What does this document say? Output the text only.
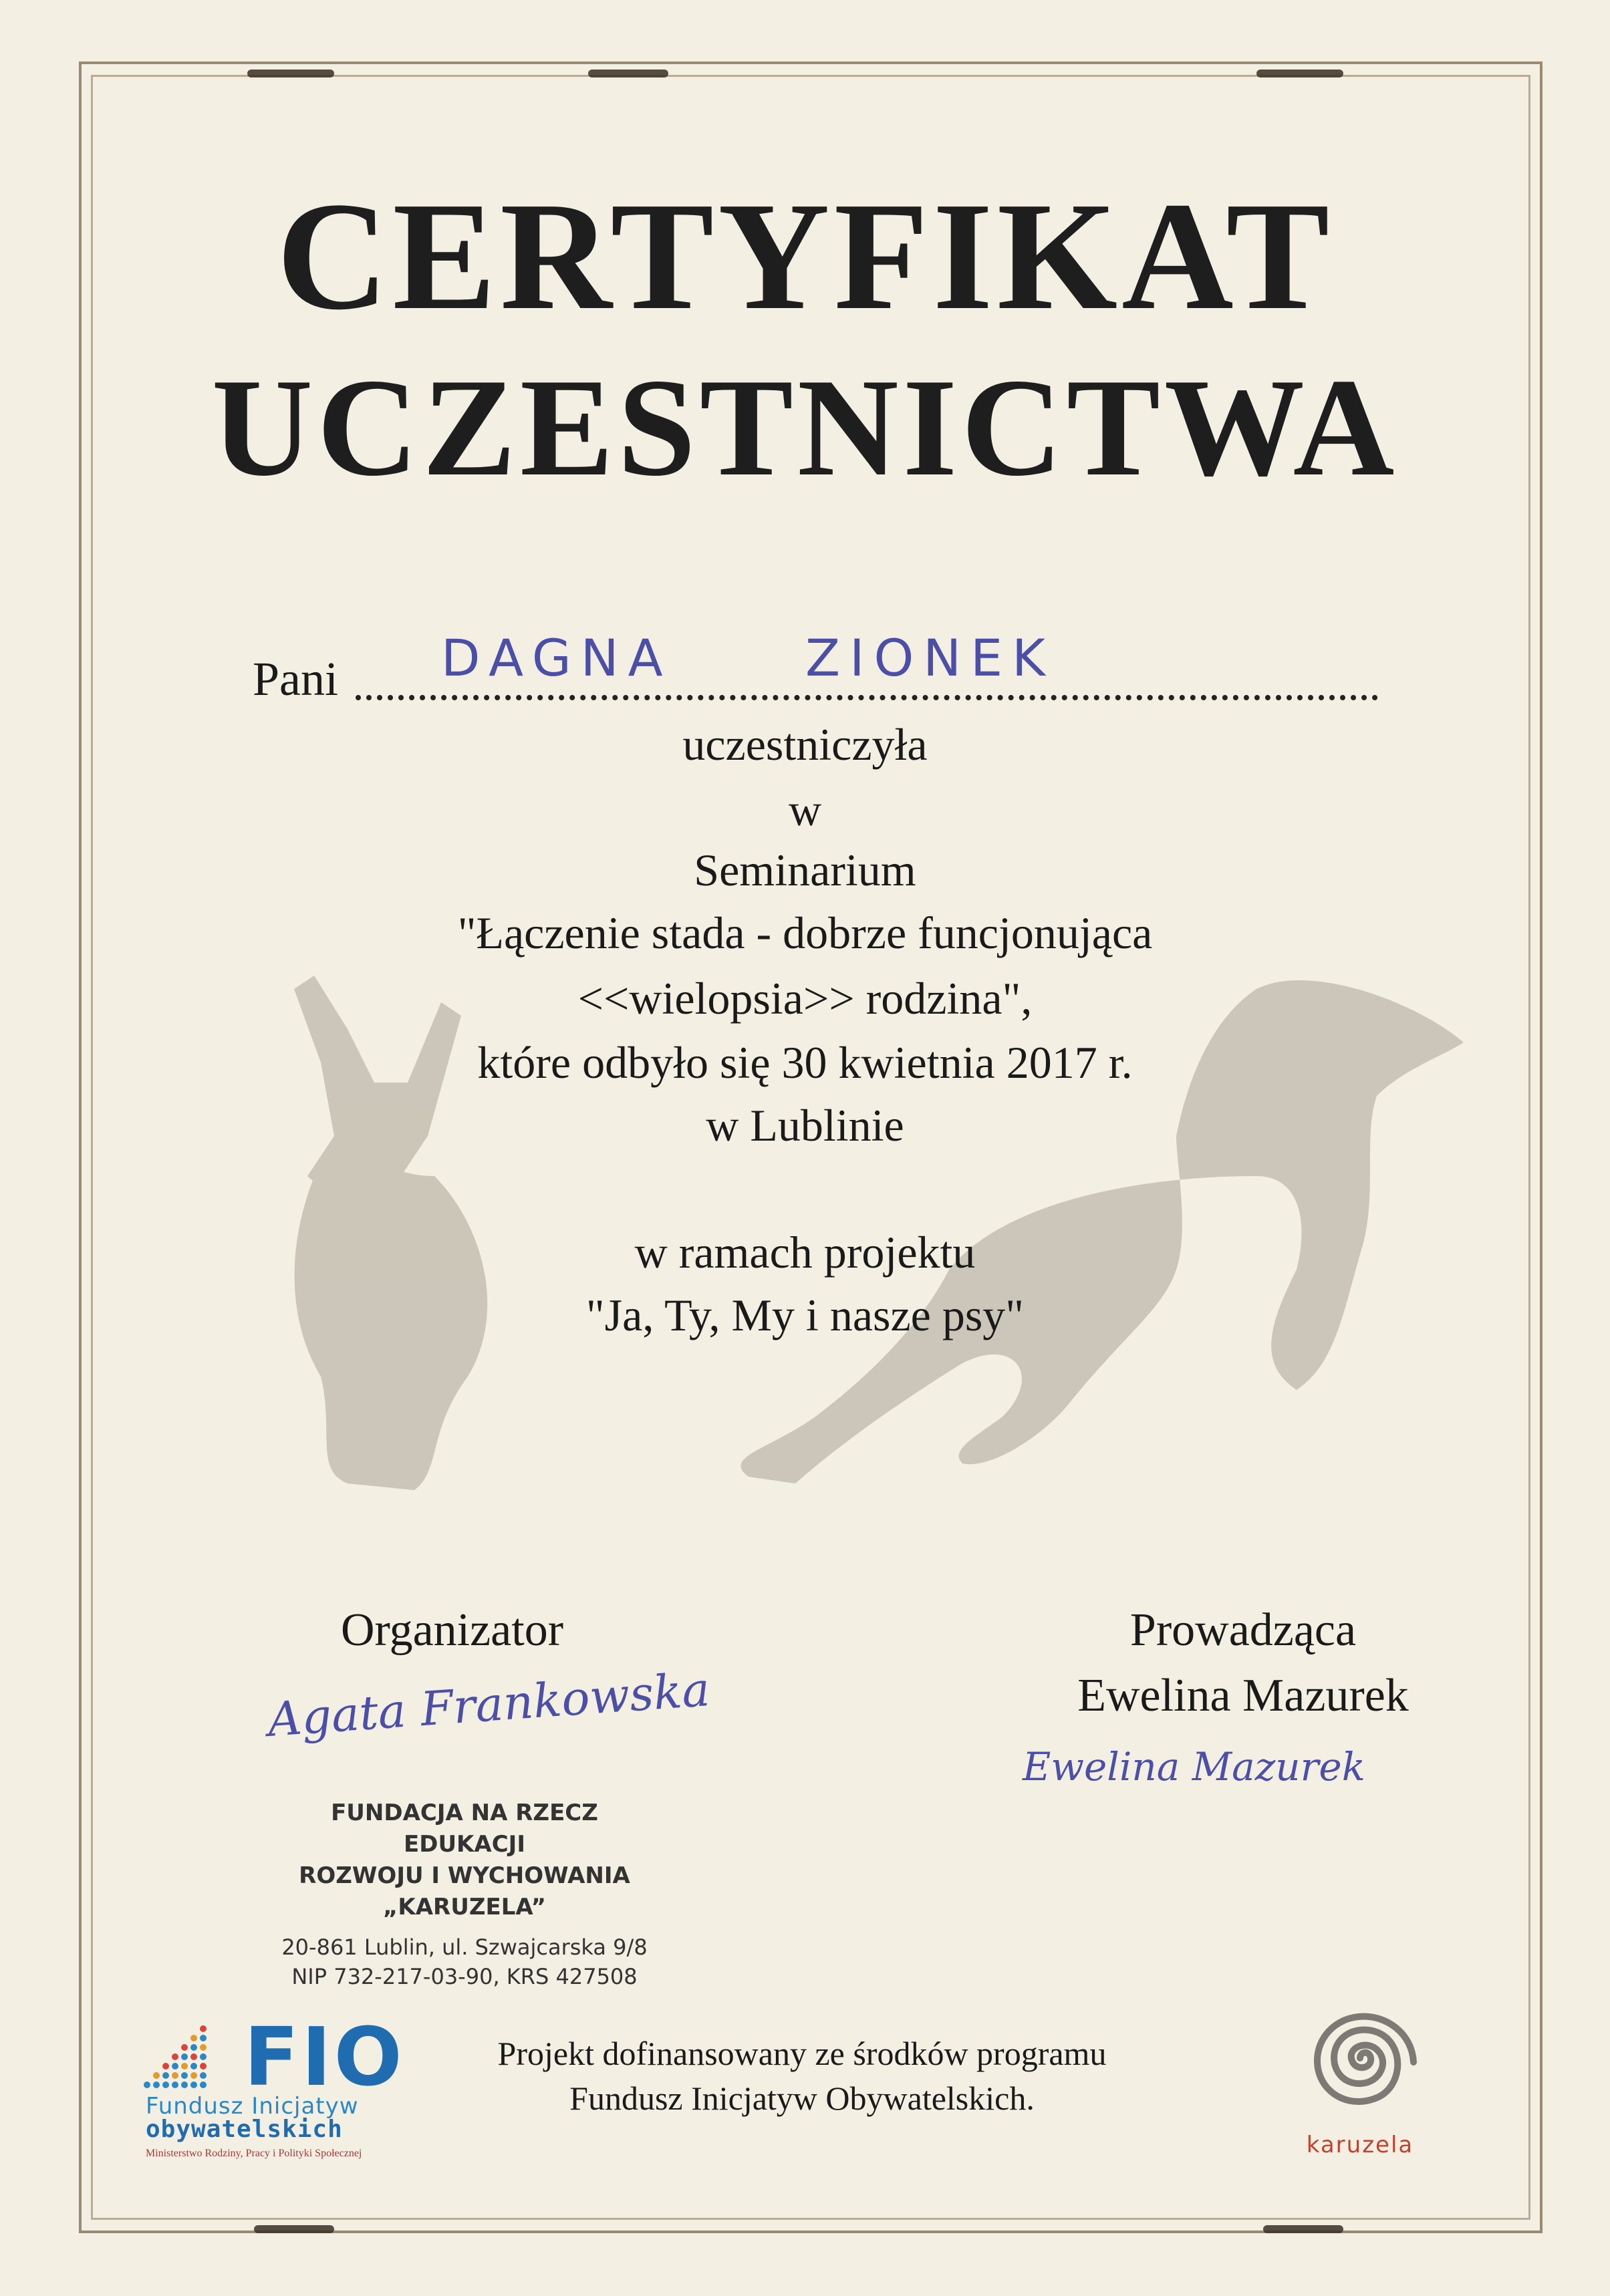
CERTYFIKAT
UCZESTNICTWA
Pani DAGNA	ZIONEK
uczestniczyła
w
Seminarium
"Łączenie stada - dobrze funcjonująca
<<wielopsia>> rodzina",
które odbyło się 30 kwietnia 2017 r.
w Lublinie
w ramach projektu
"Ja, Ty, My i nasze psy"
Organizator
Agata Frankowska
Prowadząca
Ewelina Mazurek
Ewelina Mazurek
FUNDACJA NA RZECZ EDUKACJI
ROZWOJU I WYCHOWANIA
„KARUZELA”
20-861 Lublin, ul. Szwajcarska 9/8
NIP 732-217-03-90, KRS 427508
Projekt dofinansowany ze środków programu
Fundusz Inicjatyw Obywatelskich.
FIO
Fundusz Inicjatyw
obywatelskich
Ministerstwo Rodziny, Pracy i Polityki Społecznej	karuzela
